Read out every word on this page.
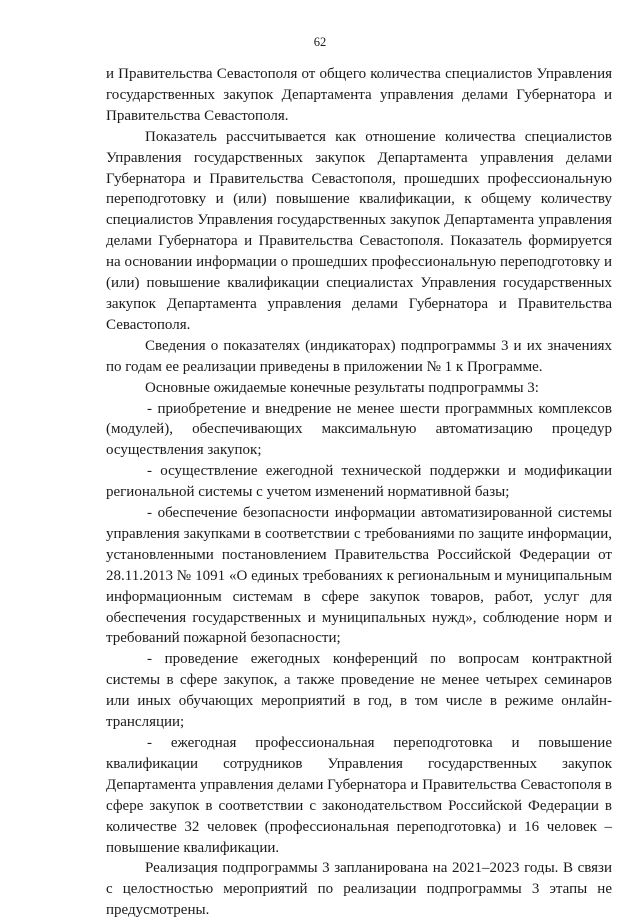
62

и Правительства Севастополя от общего количества специалистов Управления государственных закупок Департамента управления делами Губернатора и Правительства Севастополя.

Показатель рассчитывается как отношение количества специалистов Управления государственных закупок Департамента управления делами Губернатора и Правительства Севастополя, прошедших профессиональную переподготовку и (или) повышение квалификации, к общему количеству специалистов Управления государственных закупок Департамента управления делами Губернатора и Правительства Севастополя. Показатель формируется на основании информации о прошедших профессиональную переподготовку и (или) повышение квалификации специалистах Управления государственных закупок Департамента управления делами Губернатора и Правительства Севастополя.

Сведения о показателях (индикаторах) подпрограммы 3 и их значениях по годам ее реализации приведены в приложении № 1 к Программе.

Основные ожидаемые конечные результаты подпрограммы 3:

- приобретение и внедрение не менее шести программных комплексов (модулей), обеспечивающих максимальную автоматизацию процедур осуществления закупок;

- осуществление ежегодной технической поддержки и модификации региональной системы с учетом изменений нормативной базы;

- обеспечение безопасности информации автоматизированной системы управления закупками в соответствии с требованиями по защите информации, установленными постановлением Правительства Российской Федерации от 28.11.2013 № 1091 «О единых требованиях к региональным и муниципальным информационным системам в сфере закупок товаров, работ, услуг для обеспечения государственных и муниципальных нужд», соблюдение норм и требований пожарной безопасности;

- проведение ежегодных конференций по вопросам контрактной системы в сфере закупок, а также проведение не менее четырех семинаров или иных обучающих мероприятий в год, в том числе в режиме онлайн-трансляции;

- ежегодная профессиональная переподготовка и повышение квалификации сотрудников Управления государственных закупок Департамента управления делами Губернатора и Правительства Севастополя в сфере закупок в соответствии с законодательством Российской Федерации в количестве 32 человек (профессиональная переподготовка) и 16 человек – повышение квалификации.

Реализация подпрограммы 3 запланирована на 2021–2023 годы. В связи с целостностью мероприятий по реализации подпрограммы 3 этапы не предусмотрены.
